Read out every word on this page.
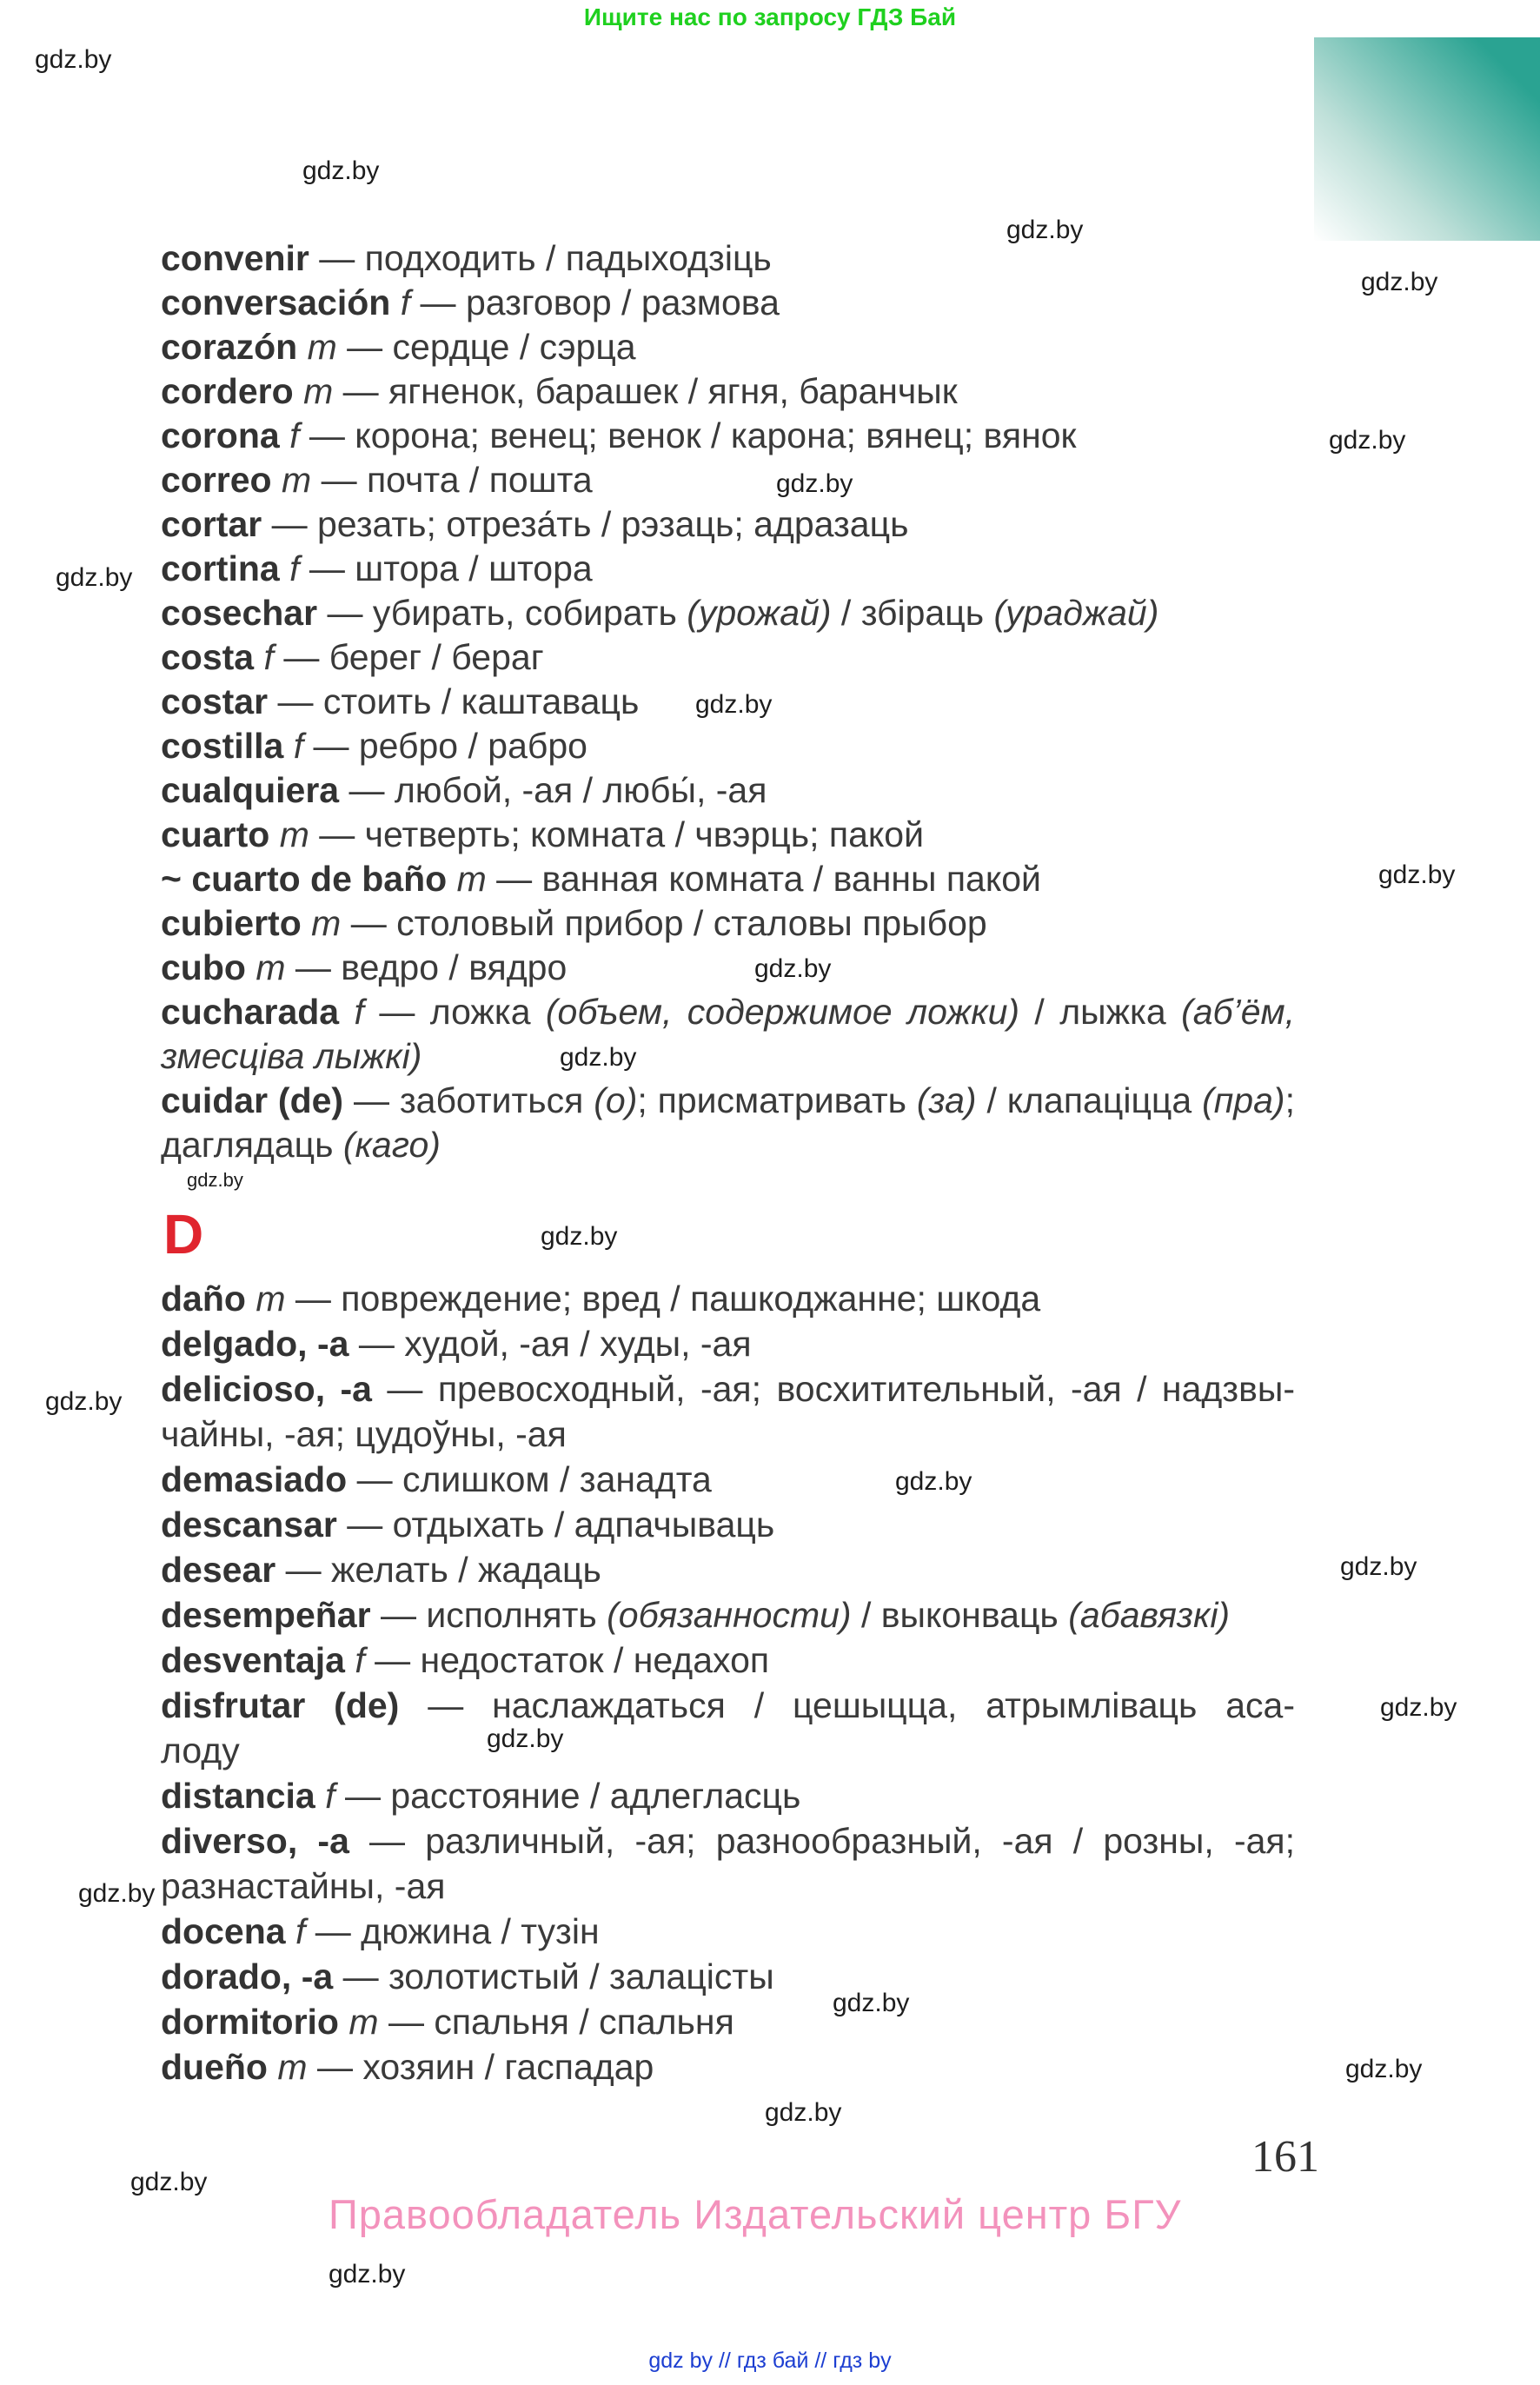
Ищите нас по запросу ГДЗ Бай
gdz.by
gdz.by
gdz.by
gdz.by
gdz.by
gdz.by
gdz.by
gdz.by
gdz.by
gdz.by
gdz.by
gdz.by
gdz.by
gdz.by
gdz.by
gdz.by
gdz.by
gdz.by
gdz.by
gdz.by
gdz.by
gdz.by
gdz.by
gdz.by
convenir — подходить / падыходзіць
conversación f — разговор / размова
corazón m — сердце / сэрца
cordero m — ягненок, барашек / ягня, баранчык
corona f — корона; венец; венок / карона; вянец; вянок
correo m — почта / пошта
cortar — резать; отреза́ть / рэзаць; адразаць
cortina f — штора / штора
cosechar — убирать, собирать (урожай) / збіраць (ураджай)
costa f — берег / бераг
costar — стоить / каштаваць
costilla f — ребро / рабро
cualquiera — любой, -ая / любы́, -ая
cuarto m — четверть; комната / чвэрць; пакой
~ cuarto de baño m — ванная комната / ванны пакой
cubierto m — столовый прибор / сталовы прыбор
cubo m — ведро / вядро
cucharada f — ложка (объем, содержимое ложки) / лыжка (аб’ём,
змесціва лыжкі)
cuidar (de) — заботиться (о); присматривать (за) / клапаціцца (пра);
даглядаць (каго)
D
daño m — повреждение; вред / пашкоджанне; шкода
delgado, -a — худой, -ая / худы, -ая
delicioso, -a — превосходный, -ая; восхитительный, -ая / надзвы-
чайны, -ая; цудоўны, -ая
demasiado — слишком / занадта
descansar — отдыхать / адпачываць
desear — желать / жадаць
desempeñar — исполнять (обязанности) / выконваць (абавязкі)
desventaja f — недостаток / недахоп
disfrutar (de) — наслаждаться / цешыцца, атрымліваць аса-
лоду
distancia f — расстояние / адлегласць
diverso, -a — различный, -ая; разнообразный, -ая / розны, -ая;
разнастайны, -ая
docena f — дюжина / тузін
dorado, -a — золотистый / залацісты
dormitorio m — спальня / спальня
dueño m — хозяин / гаспадар
161
Правообладатель Издательский центр БГУ
gdz by // гдз бай // гдз by
